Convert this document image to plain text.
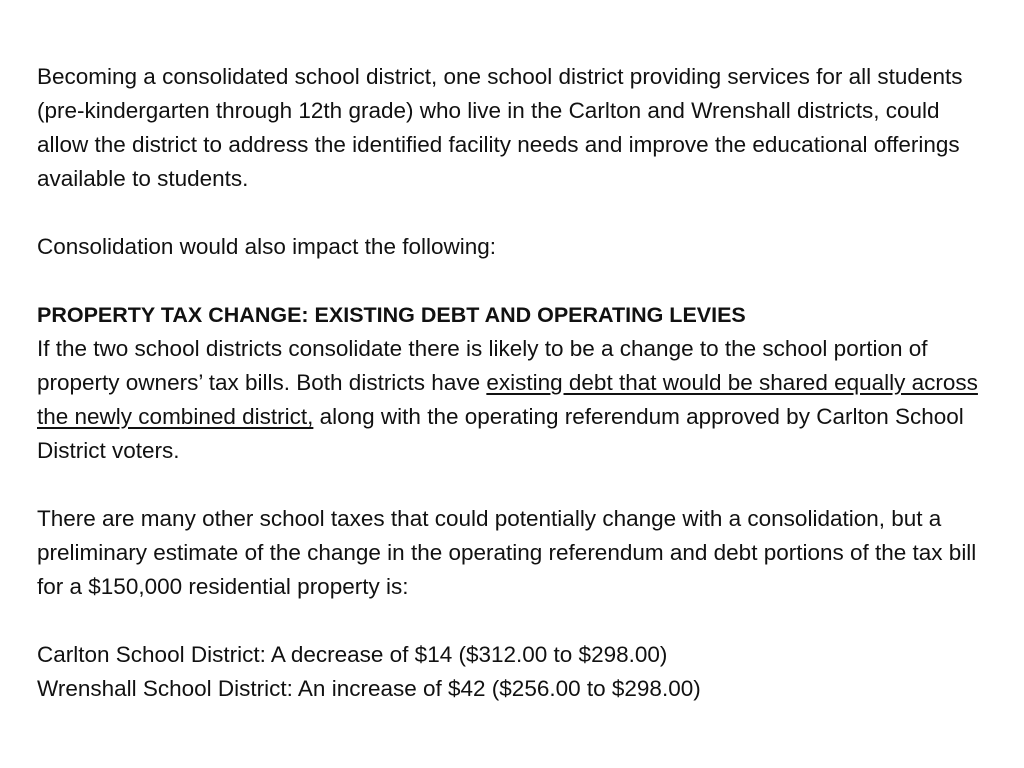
Becoming a consolidated school district, one school district providing services for all students (pre-kindergarten through 12th grade) who live in the Carlton and Wrenshall districts, could allow the district to address the identified facility needs and improve the educational offerings available to students.

Consolidation would also impact the following:

PROPERTY TAX CHANGE: EXISTING DEBT AND OPERATING LEVIES

If the two school districts consolidate there is likely to be a change to the school portion of property owners’ tax bills. Both districts have existing debt that would be shared equally across the newly combined district, along with the operating referendum approved by Carlton School District voters.

There are many other school taxes that could potentially change with a consolidation, but a preliminary estimate of the change in the operating referendum and debt portions of the tax bill for a $150,000 residential property is:

Carlton School District: A decrease of $14 ($312.00 to $298.00)

Wrenshall School District: An increase of $42 ($256.00 to $298.00)
